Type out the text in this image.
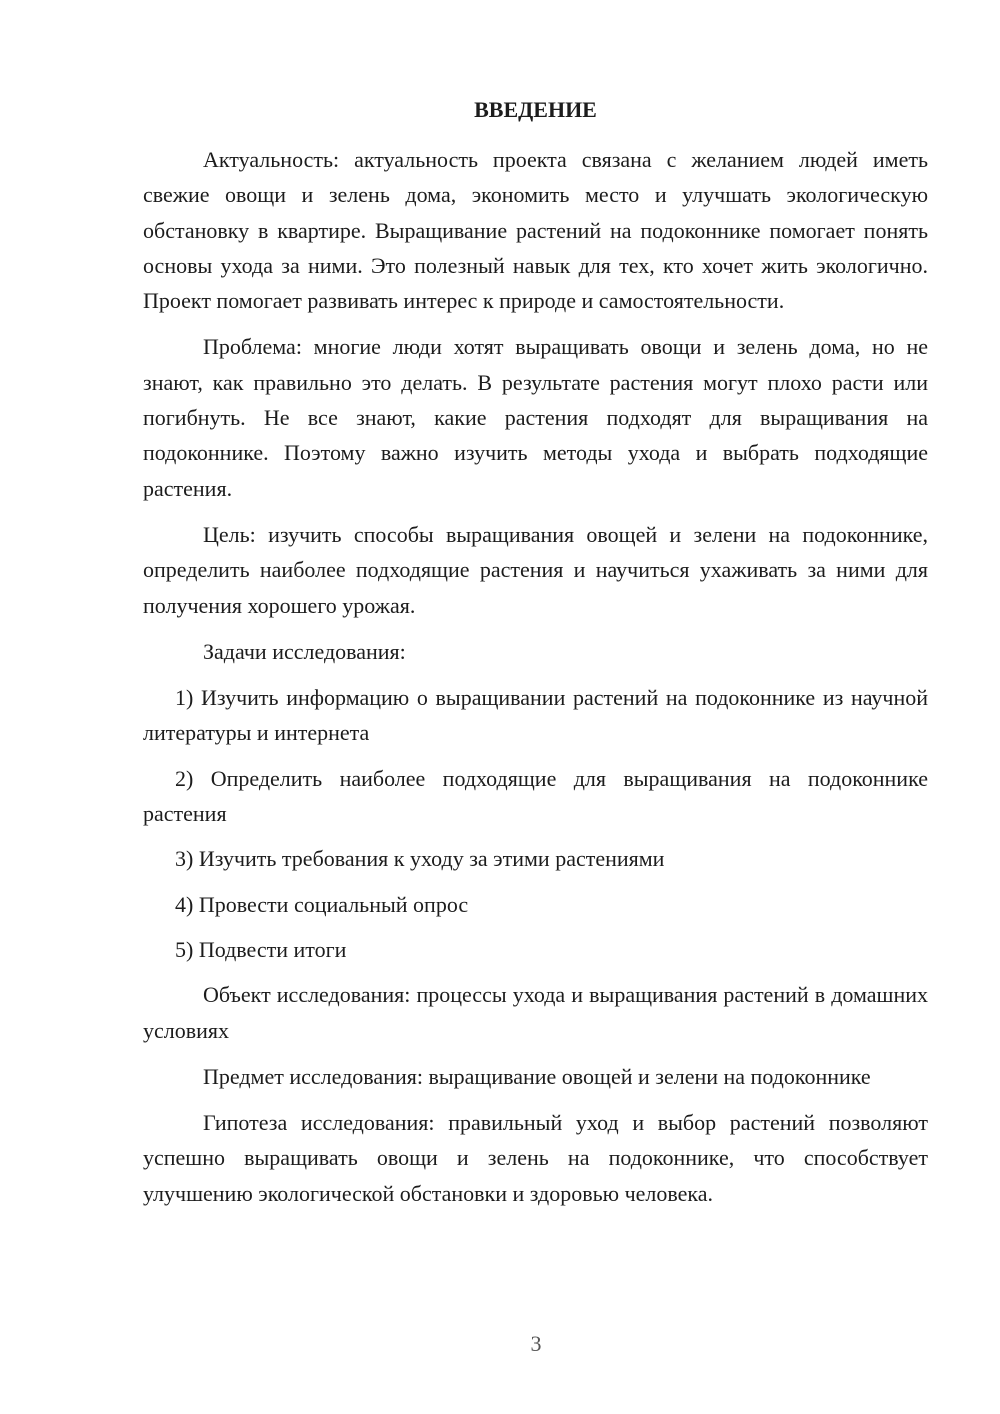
ВВЕДЕНИЕ

Актуальность: актуальность проекта связана с желанием людей иметь свежие овощи и зелень дома, экономить место и улучшать экологическую обстановку в квартире. Выращивание растений на подоконнике помогает понять основы ухода за ними. Это полезный навык для тех, кто хочет жить экологично. Проект помогает развивать интерес к природе и самостоятельности.

Проблема: многие люди хотят выращивать овощи и зелень дома, но не знают, как правильно это делать. В результате растения могут плохо расти или погибнуть. Не все знают, какие растения подходят для выращивания на подоконнике. Поэтому важно изучить методы ухода и выбрать подходящие растения.

Цель: изучить способы выращивания овощей и зелени на подоконнике, определить наиболее подходящие растения и научиться ухаживать за ними для получения хорошего урожая.

Задачи исследования:

1) Изучить информацию о выращивании растений на подоконнике из научной литературы и интернета

2) Определить наиболее подходящие для выращивания на подоконнике растения

3) Изучить требования к уходу за этими растениями

4) Провести социальный опрос

5) Подвести итоги

Объект исследования: процессы ухода и выращивания растений в домашних условиях

Предмет исследования: выращивание овощей и зелени на подоконнике

Гипотеза исследования: правильный уход и выбор растений позволяют успешно выращивать овощи и зелень на подоконнике, что способствует улучшению экологической обстановки и здоровью человека.

3
